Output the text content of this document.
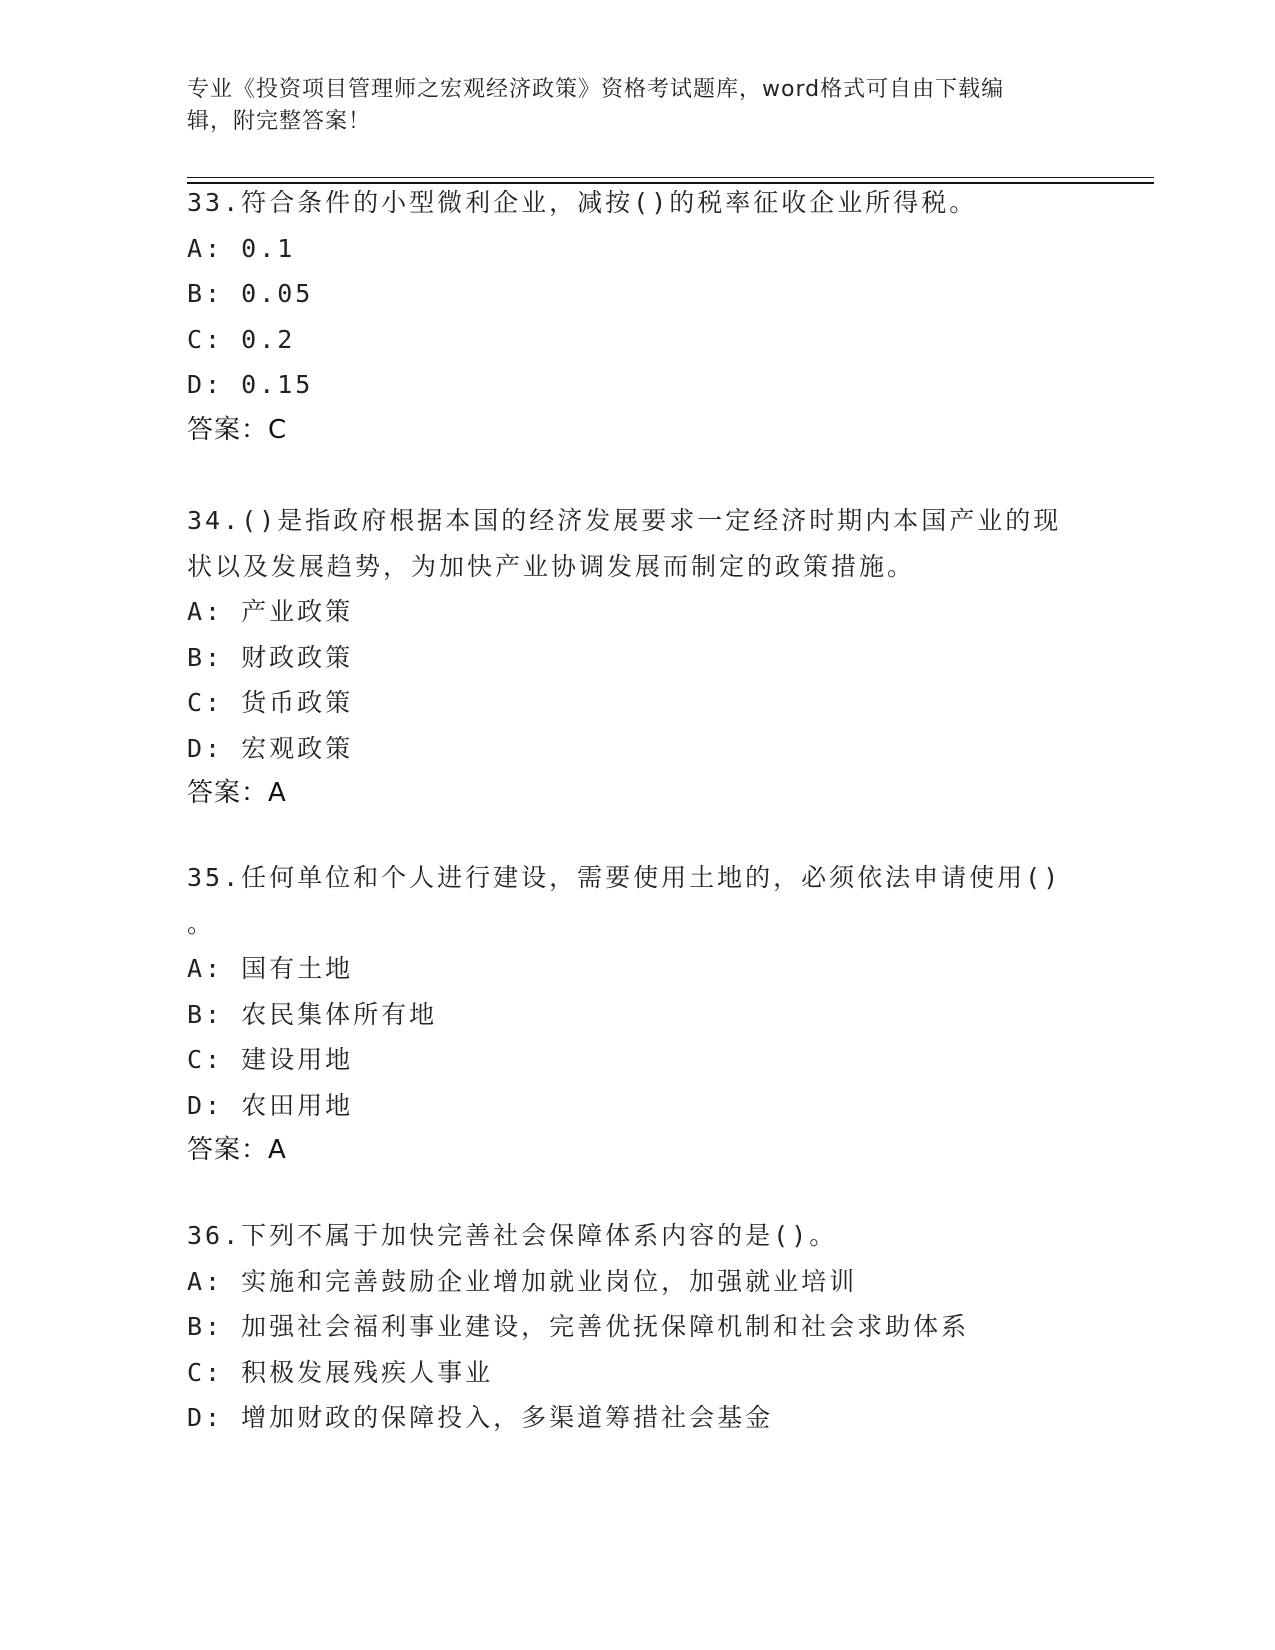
专业《投资项目管理师之宏观经济政策》资格考试题库，word格式可自由下载编
辑，附完整答案！
33.符合条件的小型微利企业，减按()的税率征收企业所得税。
A: 0.1
B: 0.05
C: 0.2
D: 0.15
答案：C
34.()是指政府根据本国的经济发展要求一定经济时期内本国产业的现
状以及发展趋势，为加快产业协调发展而制定的政策措施。
A: 产业政策
B: 财政政策
C: 货币政策
D: 宏观政策
答案：A
35.任何单位和个人进行建设，需要使用土地的，必须依法申请使用()
。
A: 国有土地
B: 农民集体所有地
C: 建设用地
D: 农田用地
答案：A
36.下列不属于加快完善社会保障体系内容的是()。
A: 实施和完善鼓励企业增加就业岗位，加强就业培训
B: 加强社会福利事业建设，完善优抚保障机制和社会求助体系
C: 积极发展残疾人事业
D: 增加财政的保障投入，多渠道筹措社会基金
